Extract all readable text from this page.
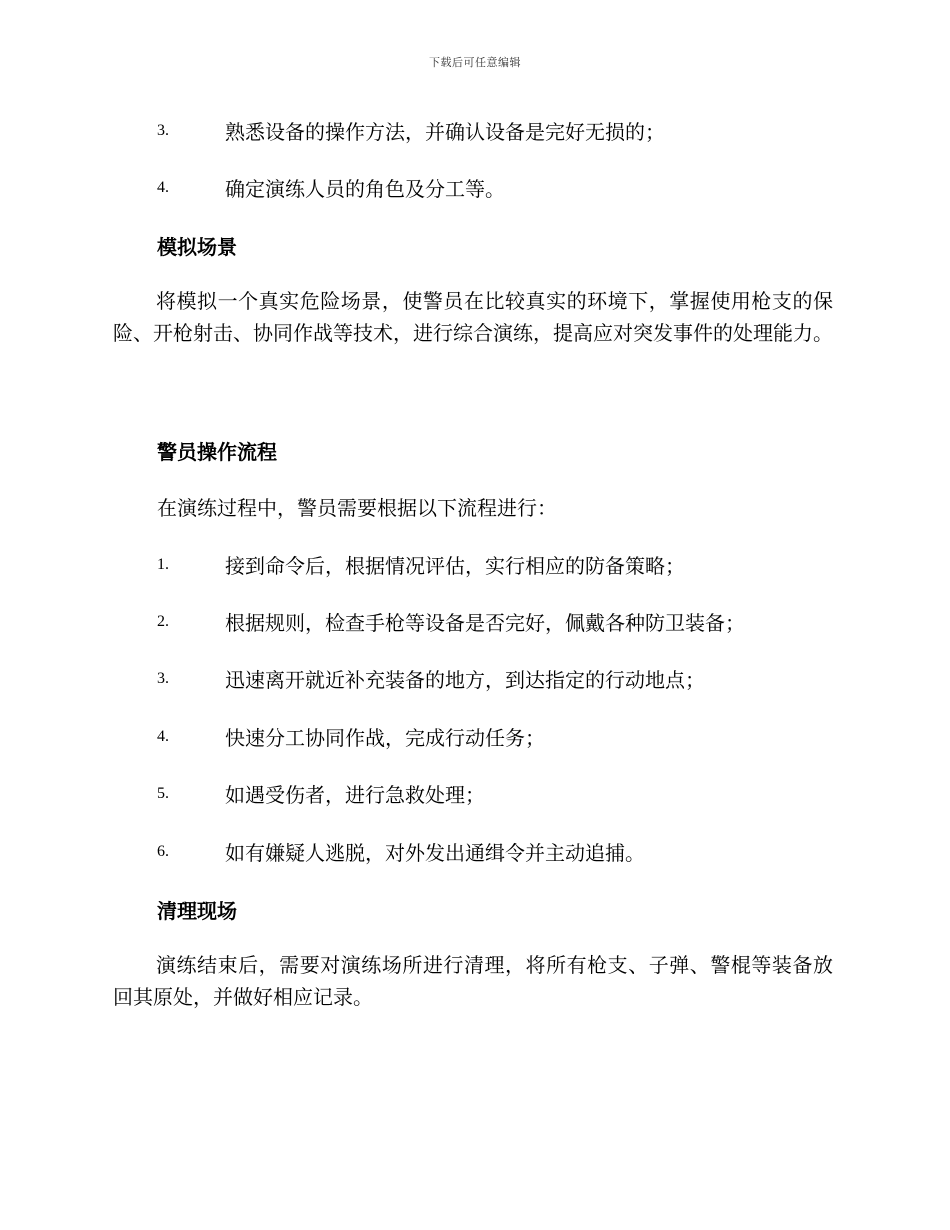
下载后可任意编辑
3.	熟悉设备的操作方法，并确认设备是完好无损的；
4.	确定演练人员的角色及分工等。
模拟场景
将模拟一个真实危险场景，使警员在比较真实的环境下，掌握使用枪支的保险、开枪射击、协同作战等技术，进行综合演练，提高应对突发事件的处理能力。
警员操作流程
在演练过程中，警员需要根据以下流程进行：
1.	接到命令后，根据情况评估，实行相应的防备策略；
2.	根据规则，检查手枪等设备是否完好，佩戴各种防卫装备；
3.	迅速离开就近补充装备的地方，到达指定的行动地点；
4.	快速分工协同作战，完成行动任务；
5.	如遇受伤者，进行急救处理；
6.	如有嫌疑人逃脱，对外发出通缉令并主动追捕。
清理现场
演练结束后，需要对演练场所进行清理，将所有枪支、子弹、警棍等装备放回其原处，并做好相应记录。
